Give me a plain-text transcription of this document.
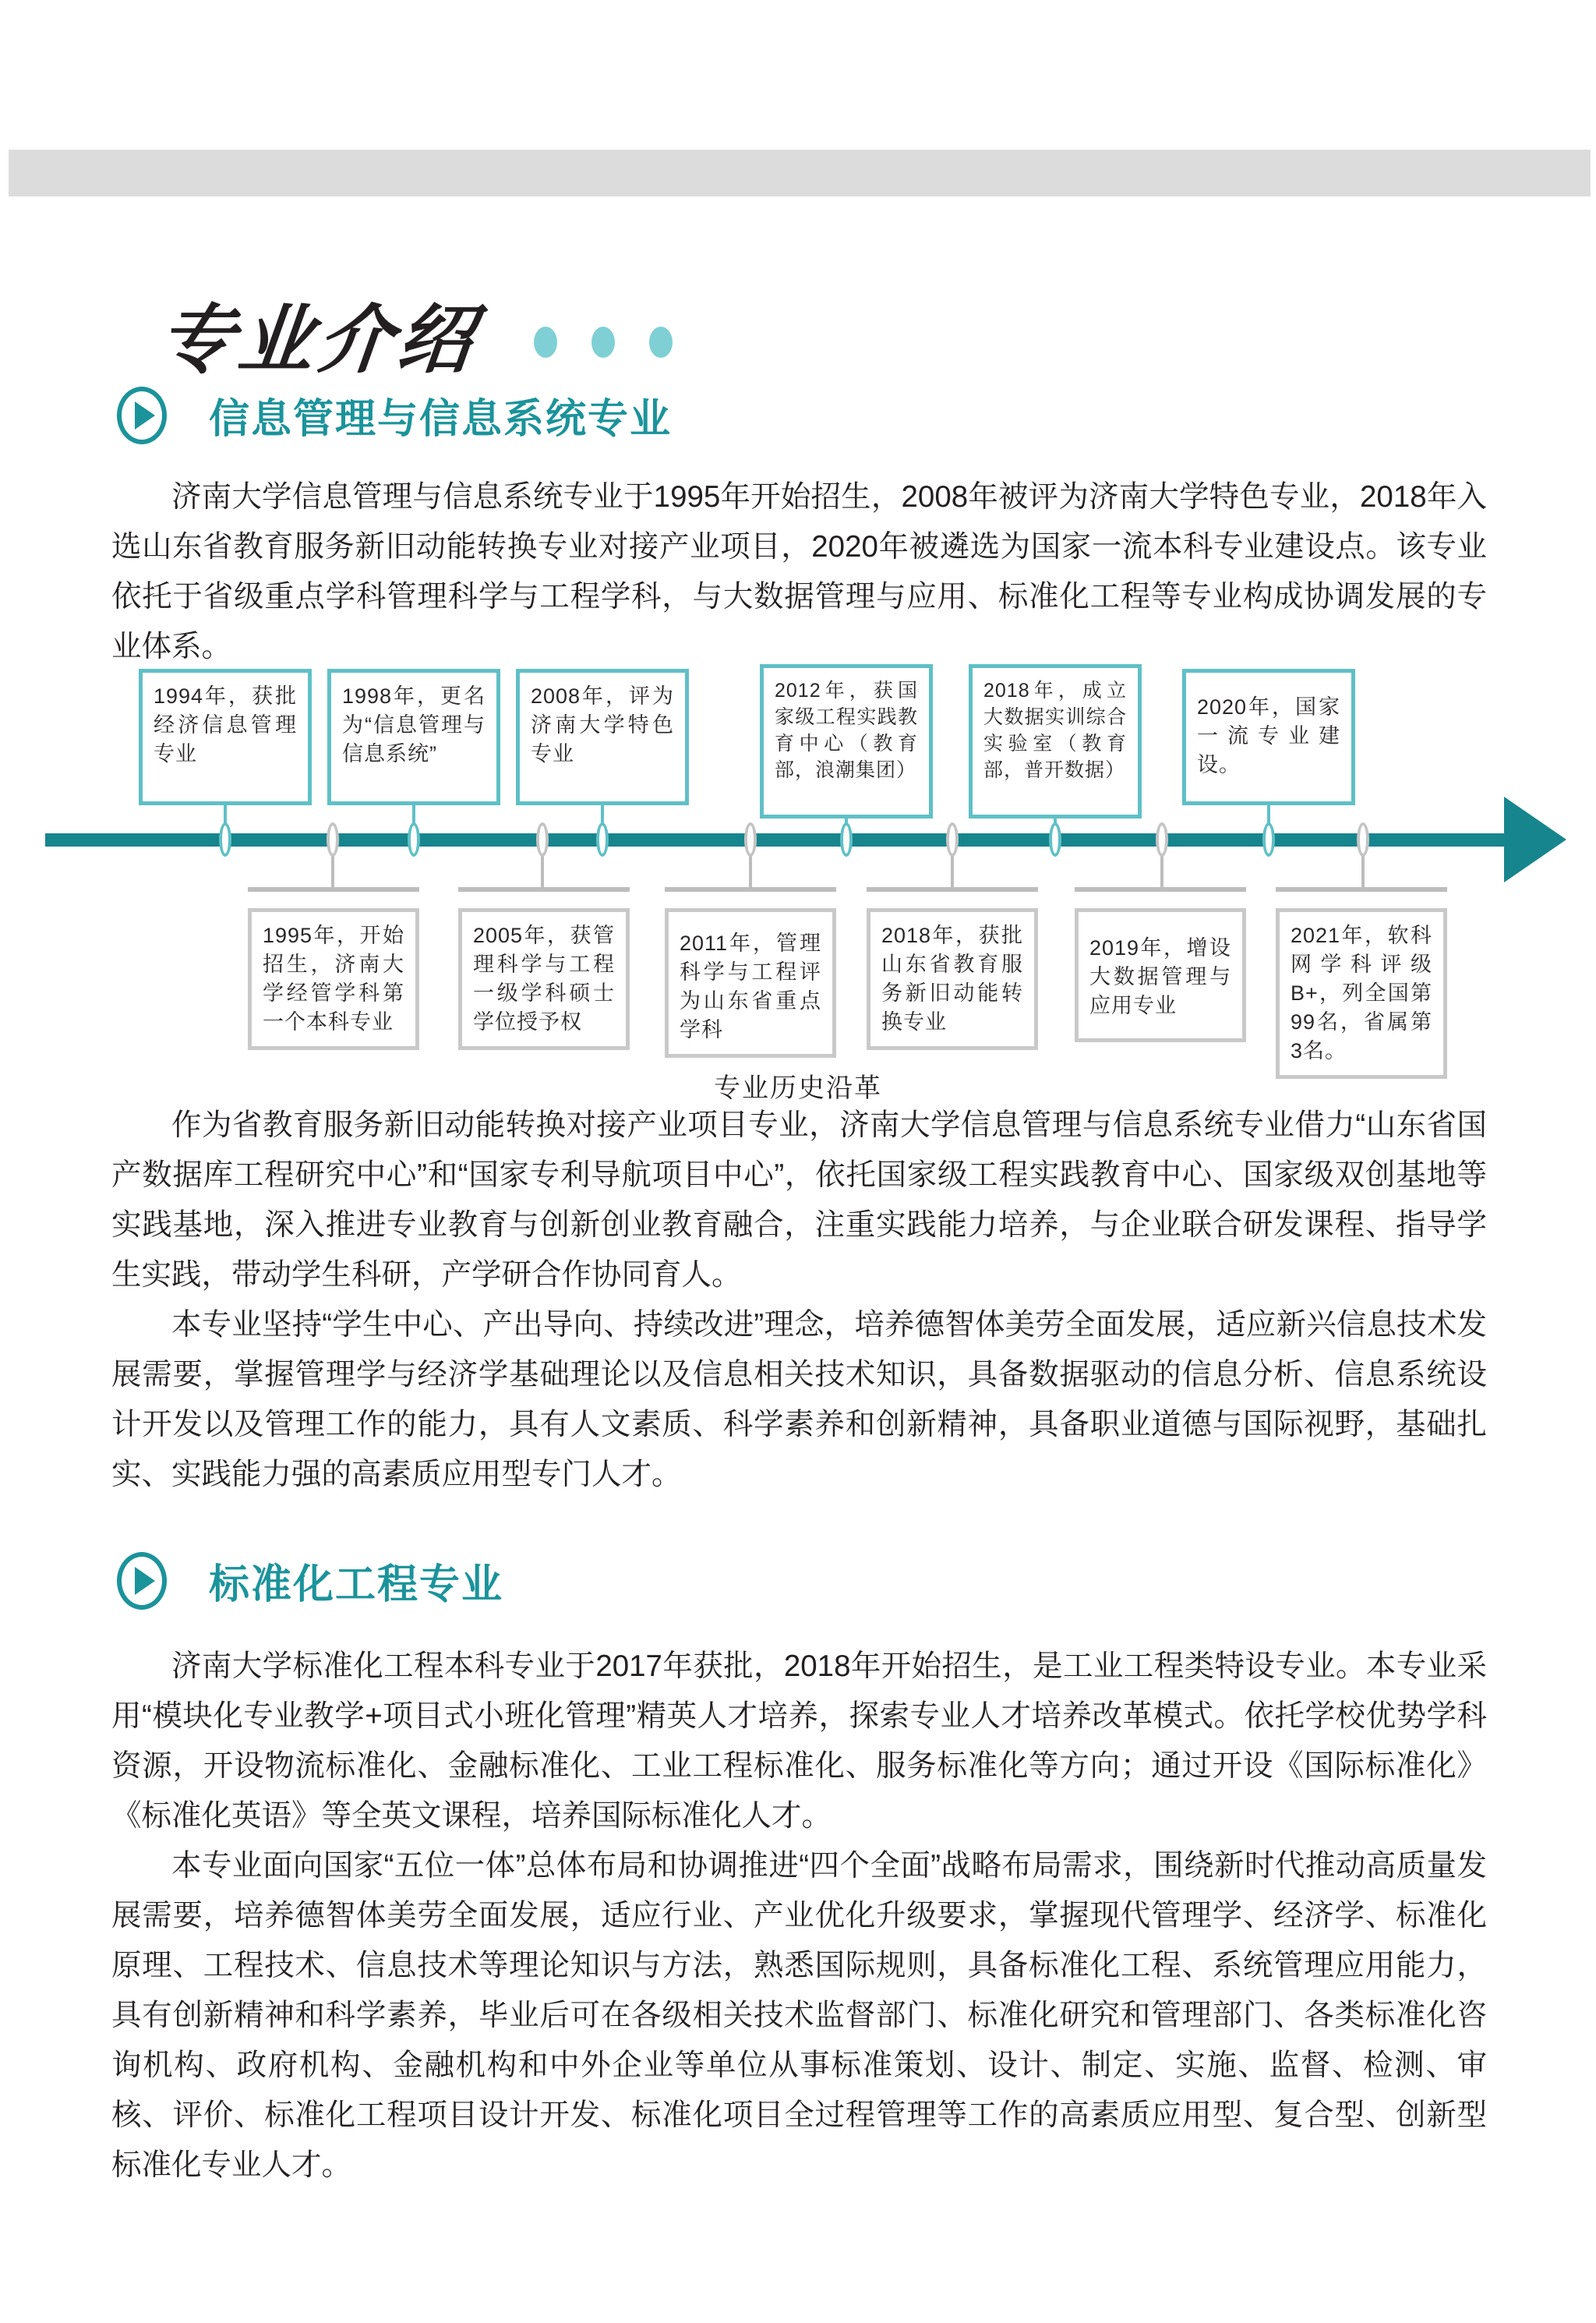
专业介绍
信息管理与信息系统专业

济南大学信息管理与信息系统专业于1995年开始招生，2008年被评为济南大学特色专业，2018年入选山东省教育服务新旧动能转换专业对接产业项目，2020年被遴选为国家一流本科专业建设点。该专业依托于省级重点学科管理科学与工程学科，与大数据管理与应用、标准化工程等专业构成协调发展的专业体系。

1994年，获批经济信息管理专业
1998年，更名为“信息管理与信息系统”
2008年，评为济南大学特色专业
2012年，获国家级工程实践教育中心（教育部，浪潮集团）
2018年，成立大数据实训综合实验室（教育部，普开数据）
2020年，国家一流专业建设。
1995年，开始招生，济南大学经管学科第一个本科专业
2005年，获管理科学与工程一级学科硕士学位授予权
2011年，管理科学与工程评为山东省重点学科
2018年，获批山东省教育服务新旧动能转换专业
2019年，增设大数据管理与应用专业
2021年，软科网学科评级B+，列全国第99名，省属第3名。
专业历史沿革

作为省教育服务新旧动能转换对接产业项目专业，济南大学信息管理与信息系统专业借力“山东省国产数据库工程研究中心”和“国家专利导航项目中心”，依托国家级工程实践教育中心、国家级双创基地等实践基地，深入推进专业教育与创新创业教育融合，注重实践能力培养，与企业联合研发课程、指导学生实践，带动学生科研，产学研合作协同育人。

本专业坚持“学生中心、产出导向、持续改进”理念，培养德智体美劳全面发展，适应新兴信息技术发展需要，掌握管理学与经济学基础理论以及信息相关技术知识，具备数据驱动的信息分析、信息系统设计开发以及管理工作的能力，具有人文素质、科学素养和创新精神，具备职业道德与国际视野，基础扎实、实践能力强的高素质应用型专门人才。

标准化工程专业

济南大学标准化工程本科专业于2017年获批，2018年开始招生，是工业工程类特设专业。本专业采用“模块化专业教学+项目式小班化管理”精英人才培养，探索专业人才培养改革模式。依托学校优势学科资源，开设物流标准化、金融标准化、工业工程标准化、服务标准化等方向；通过开设《国际标准化》《标准化英语》等全英文课程，培养国际标准化人才。

本专业面向国家“五位一体”总体布局和协调推进“四个全面”战略布局需求，围绕新时代推动高质量发展需要，培养德智体美劳全面发展，适应行业、产业优化升级要求，掌握现代管理学、经济学、标准化原理、工程技术、信息技术等理论知识与方法，熟悉国际规则，具备标准化工程、系统管理应用能力，具有创新精神和科学素养，毕业后可在各级相关技术监督部门、标准化研究和管理部门、各类标准化咨询机构、政府机构、金融机构和中外企业等单位从事标准策划、设计、制定、实施、监督、检测、审核、评价、标准化工程项目设计开发、标准化项目全过程管理等工作的高素质应用型、复合型、创新型标准化专业人才。
